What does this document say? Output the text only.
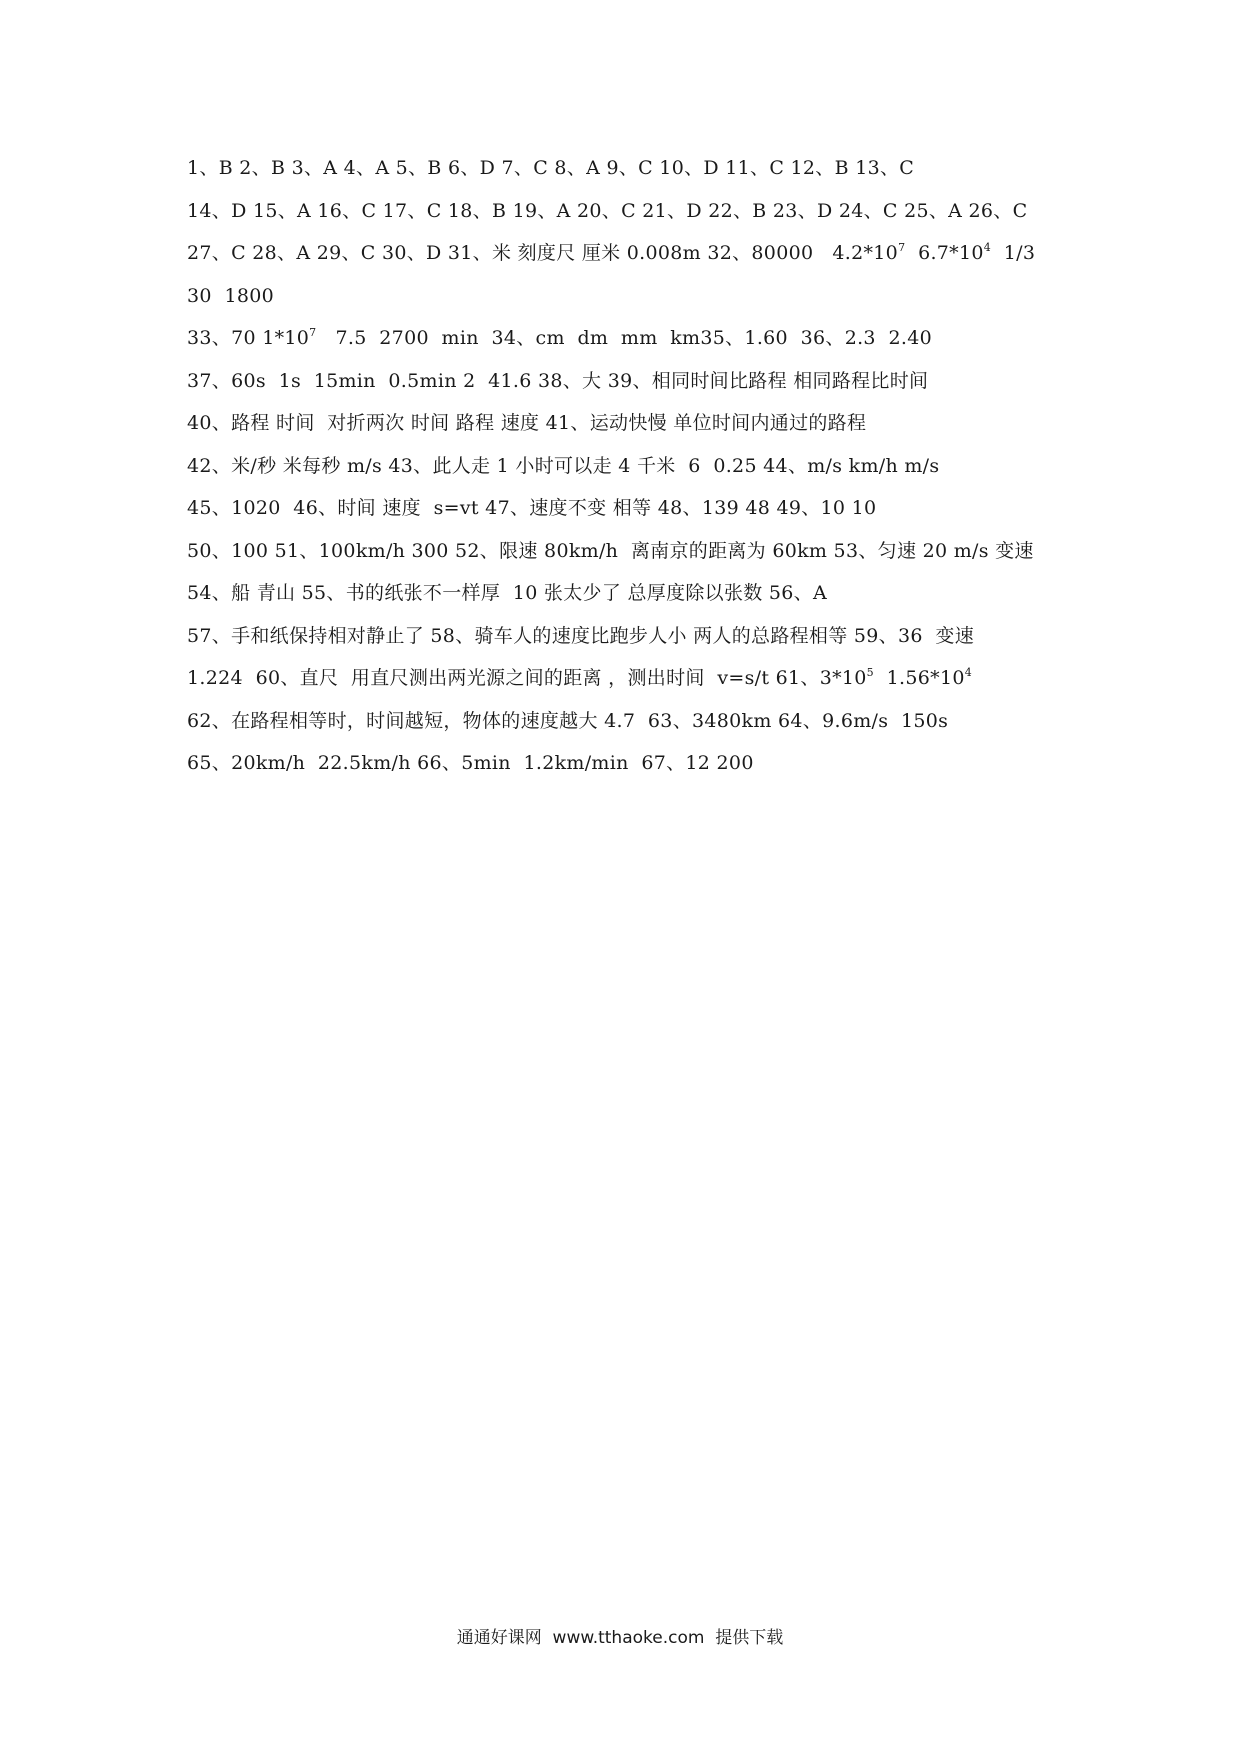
1、B 2、B 3、A 4、A 5、B 6、D 7、C 8、A 9、C 10、D 11、C 12、B 13、C
14、D 15、A 16、C 17、C 18、B 19、A 20、C 21、D 22、B 23、D 24、C 25、A 26、C
27、C 28、A 29、C 30、D 31、米 刻度尺 厘米 0.008m 32、80000   $4.2*10^7$  $6.7*10^4$  1/3
30  1800
33、70 $1*10^7$   7.5  2700  min  34、cm  dm  mm  km35、1.60  36、2.3  2.40
37、60s  1s  15min  0.5min 2  41.6 38、大 39、相同时间比路程 相同路程比时间
40、路程 时间  对折两次 时间 路程 速度 41、运动快慢 单位时间内通过的路程
42、米/秒 米每秒 m/s 43、此人走 1 小时可以走 4 千米  6  0.25 44、m/s km/h m/s
45、1020  46、时间 速度  s=vt 47、速度不变 相等 48、139 48 49、10 10
50、100 51、100km/h 300 52、限速 80km/h  离南京的距离为 60km 53、匀速 20 m/s 变速
54、船 青山 55、书的纸张不一样厚  10 张太少了 总厚度除以张数 56、A
57、手和纸保持相对静止了 58、骑车人的速度比跑步人小 两人的总路程相等 59、36  变速
1.224  60、直尺  用直尺测出两光源之间的距离 ，测出时间  v=s/t 61、$3*10^5$  $1.56*10^4$
62、在路程相等时，时间越短，物体的速度越大 4.7  63、3480km 64、9.6m/s  150s
65、20km/h  22.5km/h 66、5min  1.2km/min  67、12 200
通通好课网  www.tthaoke.com  提供下载
